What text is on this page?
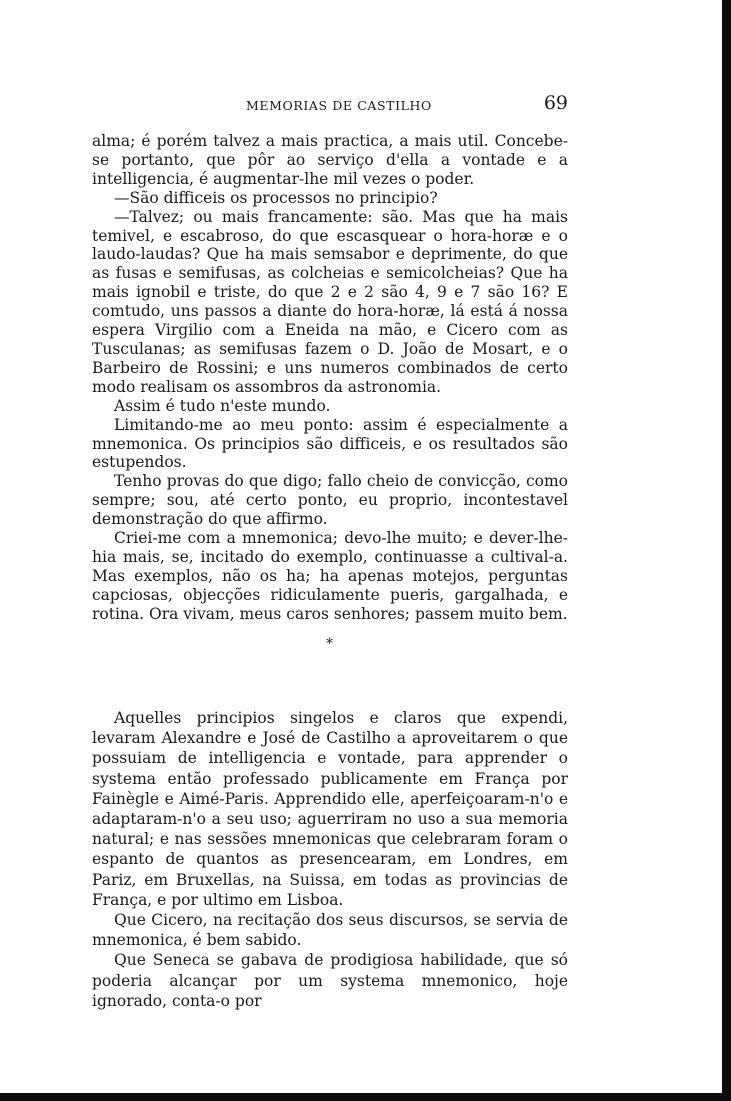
MEMORIAS DE CASTILHO	69

alma; é porém talvez a mais practica, a mais util. Concebe-se portanto, que pôr ao serviço d'ella a vontade e a intelligencia, é augmentar-lhe mil vezes o poder.

—São difficeis os processos no principio?

—Talvez; ou mais francamente: são. Mas que ha mais temivel, e escabroso, do que escasquear o hora-horæ e o laudo-laudas? Que ha mais semsabor e deprimente, do que as fusas e semifusas, as colcheias e semicolcheias? Que ha mais ignobil e triste, do que 2 e 2 são 4, 9 e 7 são 16? E comtudo, uns passos a diante do hora-horæ, lá está á nossa espera Virgilio com a Eneida na mão, e Cicero com as Tusculanas; as semifusas fazem o D. João de Mosart, e o Barbeiro de Rossini; e uns numeros combinados de certo modo realisam os assombros da astronomia.

Assim é tudo n'este mundo.

Limitando-me ao meu ponto: assim é especialmente a mnemonica. Os principios são difficeis, e os resultados são estupendos.

Tenho provas do que digo; fallo cheio de convicção, como sempre; sou, até certo ponto, eu proprio, incontestavel demonstração do que affirmo.

Criei-me com a mnemonica; devo-lhe muito; e dever-lhe-hia mais, se, incitado do exemplo, continuasse a cultival-a. Mas exemplos, não os ha; ha apenas motejos, perguntas capciosas, objecções ridiculamente pueris, gargalhada, e rotina. Ora vivam, meus caros senhores; passem muito bem.

*

Aquelles principios singelos e claros que expendi, levaram Alexandre e José de Castilho a aproveitarem o que possuiam de intelligencia e vontade, para apprender o systema então professado publicamente em França por Fainègle e Aimé-Paris. Apprendido elle, aperfeiçoaram-n'o e adaptaram-n'o a seu uso; aguerriram no uso a sua memoria natural; e nas sessões mnemonicas que celebraram foram o espanto de quantos as presencearam, em Londres, em Pariz, em Bruxellas, na Suissa, em todas as provincias de França, e por ultimo em Lisboa.

Que Cicero, na recitação dos seus discursos, se servia de mnemonica, é bem sabido.

Que Seneca se gabava de prodigiosa habilidade, que só poderia alcançar por um systema mnemonico, hoje ignorado, conta-o por
